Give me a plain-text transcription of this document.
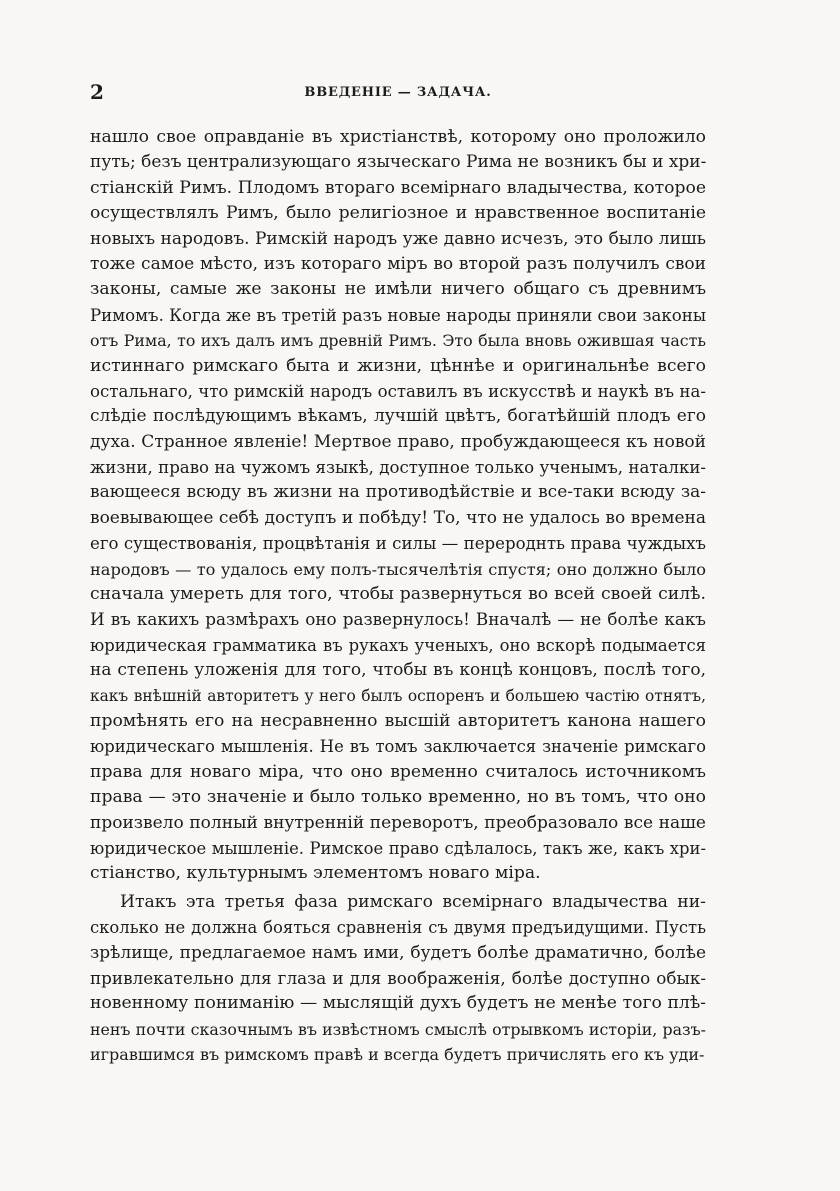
2	ВВЕДЕНІЕ — ЗАДАЧА.
нашло свое оправданіе въ христіанствѣ, которому оно проложило
путь; безъ централизующаго языческаго Рима не возникъ бы и хри-
стіанскій Римъ. Плодомъ втораго всемірнаго владычества, которое
осуществлялъ Римъ, было религіозное и нравственное воспитаніе
новыхъ народовъ. Римскій народъ уже давно исчезъ, это было лишь
тоже самое мѣсто, изъ котораго міръ во второй разъ получилъ свои
законы, самые же законы не имѣли ничего общаго съ древнимъ
Римомъ. Когда же въ третій разъ новые народы приняли свои законы
отъ Рима, то ихъ далъ имъ древній Римъ. Это была вновь ожившая часть
истиннаго римскаго быта и жизни, цѣннѣе и оригинальнѣе всего
остальнаго, что римскій народъ оставилъ въ искусствѣ и наукѣ въ на-
слѣдіе послѣдующимъ вѣкамъ, лучшій цвѣтъ, богатѣйшій плодъ его
духа. Странное явленіе! Мертвое право, пробуждающееся къ новой
жизни, право на чужомъ языкѣ, доступное только ученымъ, наталки-
вающееся всюду въ жизни на противодѣйствіе и все-таки всюду за-
воевывающее себѣ доступъ и побѣду! То, что не удалось во времена
его существованія, процвѣтанія и силы — перероднть права чуждыхъ
народовъ — то удалось ему полъ-тысячелѣтія спустя; оно должно было
сначала умереть для того, чтобы развернуться во всей своей силѣ.
И въ какихъ размѣрахъ оно развернулось! Вначалѣ — не болѣе какъ
юридическая грамматика въ рукахъ ученыхъ, оно вскорѣ подымается
на степень уложенія для того, чтобы въ концѣ концовъ, послѣ того,
какъ внѣшній авторитетъ у него былъ оспоренъ и большею частію отнятъ,
промѣнять его на несравненно высшій авторитетъ канона нашего
юридическаго мышленія. Не въ томъ заключается значеніе римскаго
права для новаго міра, что оно временно считалось источникомъ
права — это значеніе и было только временно, но въ томъ, что оно
произвело полный внутренній переворотъ, преобразовало все наше
юридическое мышленіе. Римское право сдѣлалось, такъ же, какъ хри-
стіанство, культурнымъ элементомъ новаго міра.
Итакъ эта третья фаза римскаго всемірнаго владычества ни-
сколько не должна бояться сравненія съ двумя предъидущими. Пусть
зрѣлище, предлагаемое намъ ими, будетъ болѣе драматично, болѣе
привлекательно для глаза и для воображенія, болѣе доступно обык-
новенному пониманію — мыслящій духъ будетъ не менѣе того плѣ-
ненъ почти сказочнымъ въ извѣстномъ смыслѣ отрывкомъ исторіи, разъ-
игравшимся въ римскомъ правѣ и всегда будетъ причислять его къ уди-
